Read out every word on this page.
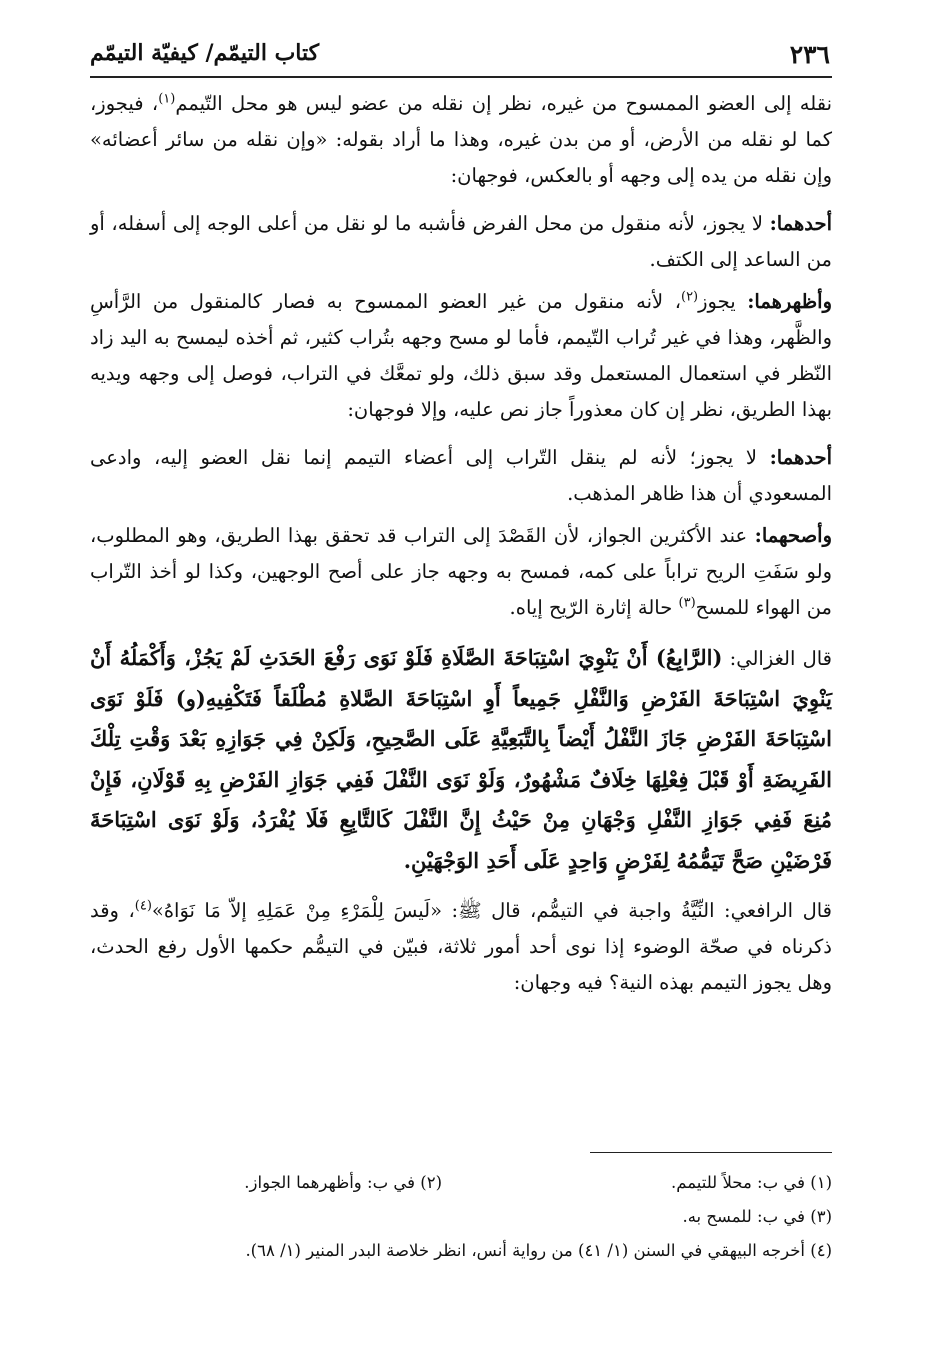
٢٣٦
كتاب التيمّم/ كيفيّة التيمّم

نقله إلى العضو الممسوح من غيره، نظر إن نقله من عضو ليس هو محل التّيمم$^{(١)}$، فيجوز، كما لو نقله من الأرض، أو من بدن غيره، وهذا ما أراد بقوله: «وإن نقله من سائر أعضائه» وإن نقله من يده إلى وجهه أو بالعكس، فوجهان:

أحدهما: لا يجوز، لأنه منقول من محل الفرض فأشبه ما لو نقل من أعلى الوجه إلى أسفله، أو من الساعد إلى الكتف.

وأظهرهما: يجوز$^{(٢)}$، لأنه منقول من غير العضو الممسوح به فصار كالمنقول من الرَّأسِ والظَّهر، وهذا في غير تُراب التّيمم، فأما لو مسح وجهه بتُراب كثير، ثم أخذه ليمسح به اليد زاد النّظر في استعمال المستعمل وقد سبق ذلك، ولو تمعَّك في التراب، فوصل إلى وجهه ويديه بهذا الطريق، نظر إن كان معذوراً جاز نص عليه، وإلا فوجهان:

أحدهما: لا يجوز؛ لأنه لم ينقل التّراب إلى أعضاء التيمم إنما نقل العضو إليه، وادعى المسعودي أن هذا ظاهر المذهب.

وأصحهما: عند الأكثرين الجواز، لأن القَصْدَ إلى التراب قد تحقق بهذا الطريق، وهو المطلوب، ولو سَفَتِ الريح تراباً على كمه، فمسح به وجهه جاز على أصح الوجهين، وكذا لو أخذ التّراب من الهواء للمسح$^{(٣)}$ حالة إثارة الرّيح إياه.

قال الغزالي: (الرَّابِعُ) أَنْ يَنْوِيَ اسْتِبَاحَةَ الصَّلَاةِ فَلَوْ نَوَى رَفْعَ الحَدَثِ لَمْ يَجُزْ، وَأَكْمَلُهُ أَنْ يَنْوِيَ اسْتِبَاحَةَ الفَرْضِ وَالنَّفْلِ جَمِيعاً أَوِ اسْتِبَاحَةَ الصَّلاةِ مُطْلَقاً فَتَكْفِيهِ(و) فَلَوْ نَوَى اسْتِبَاحَةَ الفَرْضِ جَازَ النَّفْلُ أَيْضاً بِالتَّبَعِيَّةِ عَلَى الصَّحِيحِ، وَلَكِنْ فِي جَوَازِهِ بَعْدَ وَقْتِ تِلْكَ الفَرِيضَةِ أَوْ قَبْلَ فِعْلِهَا خِلَافٌ مَشْهُورٌ، وَلَوْ نَوَى النَّفْلَ فَفِي جَوَازِ الفَرْضِ بِهِ قَوْلَانِ، فَإِنْ مُنِعَ فَفِي جَوَازِ النَّفْلِ وَجْهَانِ مِنْ حَيْثُ إِنَّ النَّفْلَ كَالتَّابِعِ فَلَا يُفْرَدُ، وَلَوْ نَوَى اسْتِبَاحَةَ فَرْضَيْنِ صَحَّ تَيَمُّمُهُ لِفَرْضٍ وَاحِدٍ عَلَى أَحَدِ الوَجْهَيْنِ.

قال الرافعي: النِّيَّةُ واجبة في التيمُّم، قال ﷺ: «لَيسَ لِلْمَرْءِ مِنْ عَمَلِهِ إلاّ مَا نَوَاهُ»$^{(٤)}$، وقد ذكرناه في صحّة الوضوء إذا نوى أحد أمور ثلاثة، فبيّن في التيمُّم حكمها الأول رفع الحدث، وهل يجوز التيمم بهذه النية؟ فيه وجهان:

(١) في ب: محلاً للتيمم.
(٢) في ب: وأظهرهما الجواز.
(٣) في ب: للمسح به.
(٤) أخرجه البيهقي في السنن (١/ ٤١) من رواية أنس، انظر خلاصة البدر المنير (١/ ٦٨).
